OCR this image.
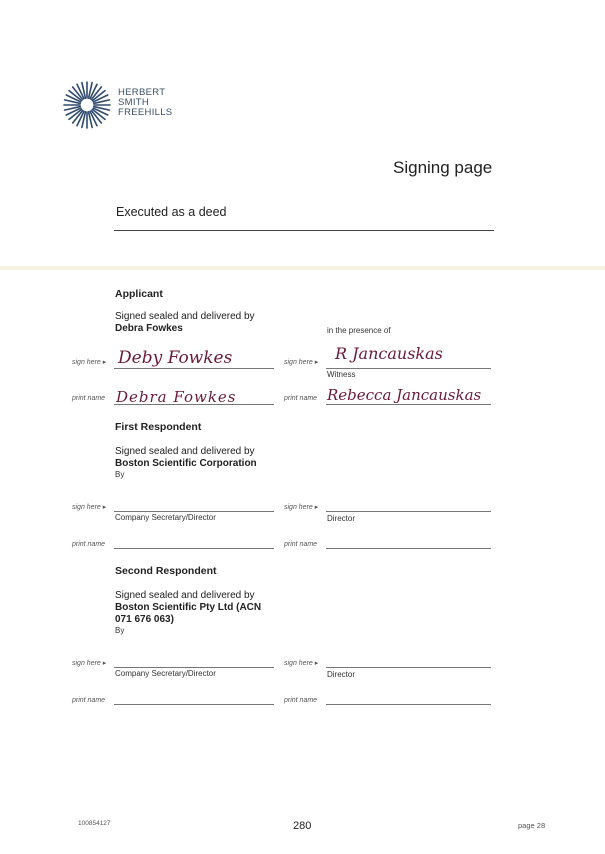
HERBERT
SMITH
FREEHILLS
Signing page
Executed as a deed
Applicant
Signed sealed and delivered by
Debra Fowkes	in the presence of
sign here ▸ Deby Fowkes	sign here ▸ R Jancauskas
Witness
print name Debra Fowkes	print name Rebecca Jancauskas
First Respondent
Signed sealed and delivered by
Boston Scientific Corporation
By
sign here ▸
Company Secretary/Director
sign here ▸
Director
print name	print name
Second Respondent
Signed sealed and delivered by
Boston Scientific Pty Ltd (ACN
071 676 063)
By
sign here ▸
Company Secretary/Director
sign here ▸
Director
print name	print name
100854127	280	page 28
